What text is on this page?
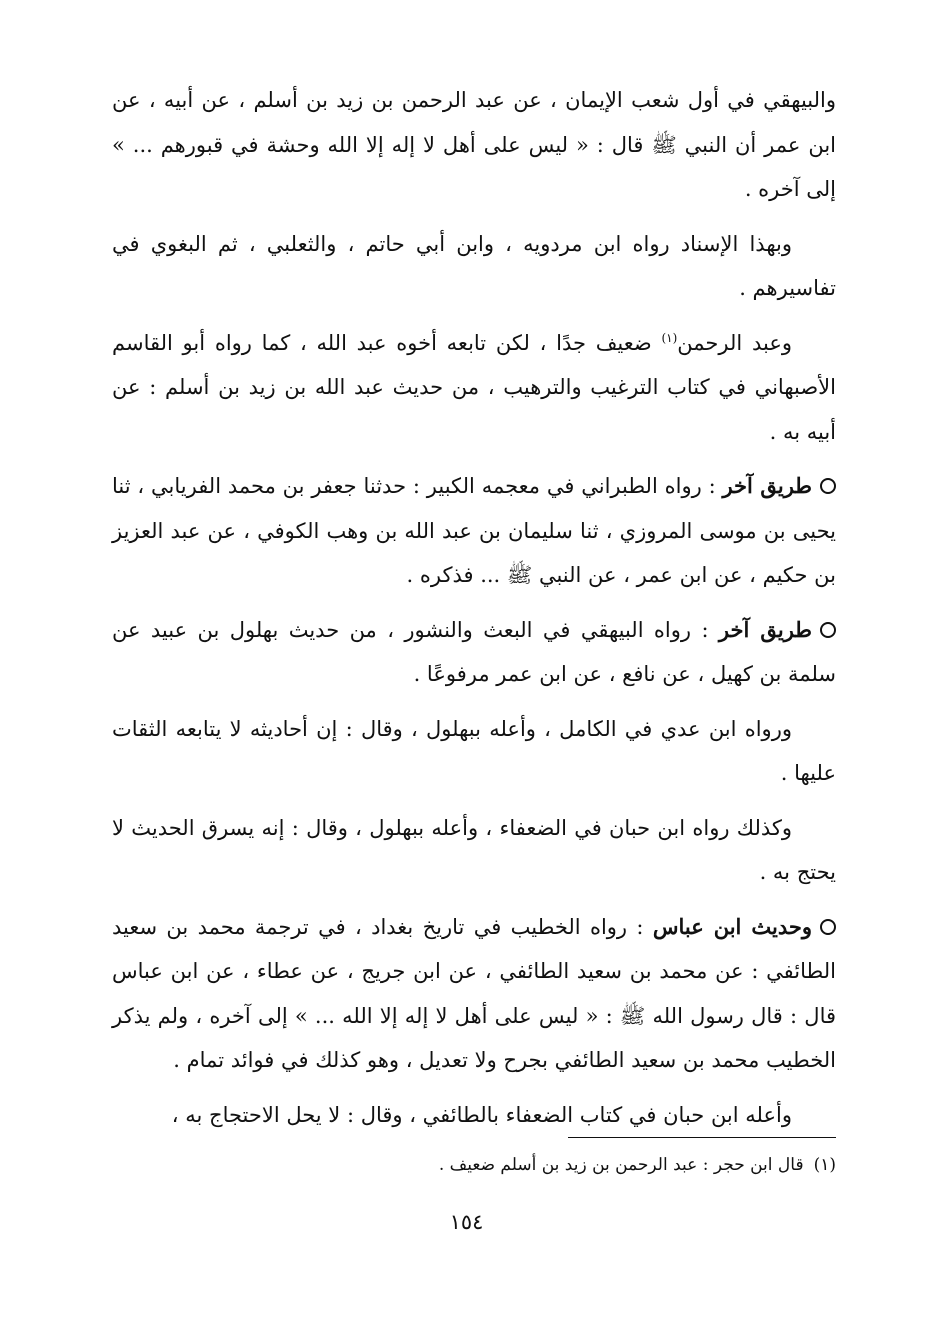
والبيهقي في أول شعب الإيمان ، عن عبد الرحمن بن زيد بن أسلم ، عن أبيه ، عن ابن عمر أن النبي ﷺ قال : « ليس على أهل لا إله إلا الله وحشة في قبورهم ... » إلى آخره .

وبهذا الإسناد رواه ابن مردويه ، وابن أبي حاتم ، والثعلبي ، ثم البغوي في تفاسيرهم .

وعبد الرحمن$^{(١)}$ ضعيف جدًا ، لكن تابعه أخوه عبد الله ، كما رواه أبو القاسم الأصبهاني في كتاب الترغيب والترهيب ، من حديث عبد الله بن زيد بن أسلم : عن أبيه به .

طريق آخر : رواه الطبراني في معجمه الكبير : حدثنا جعفر بن محمد الفريابي ، ثنا يحيى بن موسى المروزي ، ثنا سليمان بن عبد الله بن وهب الكوفي ، عن عبد العزيز بن حكيم ، عن ابن عمر ، عن النبي ﷺ ... فذكره .

طريق آخر : رواه البيهقي في البعث والنشور ، من حديث بهلول بن عبيد عن سلمة بن كهيل ، عن نافع ، عن ابن عمر مرفوعًا .

ورواه ابن عدي في الكامل ، وأعله ببهلول ، وقال : إن أحاديثه لا يتابعه الثقات عليها .

وكذلك رواه ابن حبان في الضعفاء ، وأعله ببهلول ، وقال : إنه يسرق الحديث لا يحتج به .

وحديث ابن عباس : رواه الخطيب في تاريخ بغداد ، في ترجمة محمد بن سعيد الطائفي : عن محمد بن سعيد الطائفي ، عن ابن جريج ، عن عطاء ، عن ابن عباس قال : قال رسول الله ﷺ : « ليس على أهل لا إله إلا الله ... » إلى آخره ، ولم يذكر الخطيب محمد بن سعيد الطائفي بجرح ولا تعديل ، وهو كذلك في فوائد تمام .

وأعله ابن حبان في كتاب الضعفاء بالطائفي ، وقال : لا يحل الاحتجاج به ،

(١)قال ابن حجر : عبد الرحمن بن زيد بن أسلم ضعيف .
١٥٤
